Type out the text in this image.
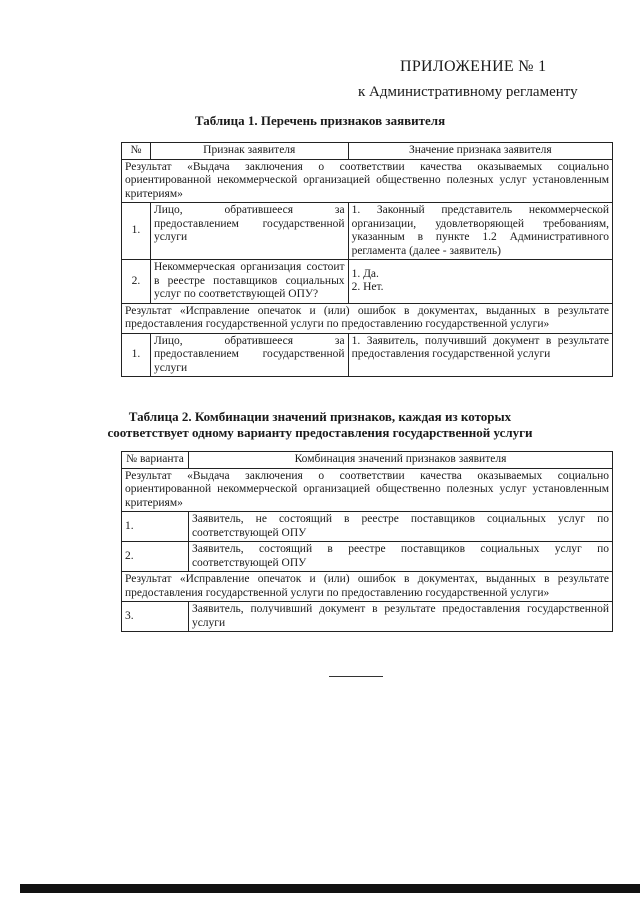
ПРИЛОЖЕНИЕ № 1
к Административному регламенту
Таблица 1. Перечень признаков заявителя
№	Признак заявителя	Значение признака заявителя
Результат «Выдача заключения о соответствии качества оказываемых социально ориентированной некоммерческой организацией общественно полезных услуг установленным критериям»		
1.	Лицо, обратившееся за предоставлением государственной услуги	1. Законный представитель некоммерческой организации, удовлетворяющей требованиям, указанным в пункте 1.2 Административного регламента (далее - заявитель)
2.	Некоммерческая организация состоит в реестре поставщиков социальных услуг по соответствующей ОПУ?	1. Да.
2. Нет.

Результат «Исправление опечаток и (или) ошибок в документах, выданных в результате предоставления государственной услуги по предоставлению государственной услуги»		
1.	Лицо, обратившееся за предоставлением государственной услуги	1. Заявитель, получивший документ в результате предоставления государственной услуги
Таблица 2. Комбинации значений признаков, каждая из которых
соответствует одному варианту предоставления государственной услуги
№ варианта	Комбинация значений признаков заявителя
Результат «Выдача заключения о соответствии качества оказываемых социально ориентированной некоммерческой организацией общественно полезных услуг установленным критериям»	
1.	Заявитель, не состоящий в реестре поставщиков социальных услуг по соответствующей ОПУ
2.	Заявитель, состоящий в реестре поставщиков социальных услуг по соответствующей ОПУ
Результат «Исправление опечаток и (или) ошибок в документах, выданных в результате предоставления государственной услуги по предоставлению государственной услуги»	
3.	Заявитель, получивший документ в результате предоставления государственной услуги
